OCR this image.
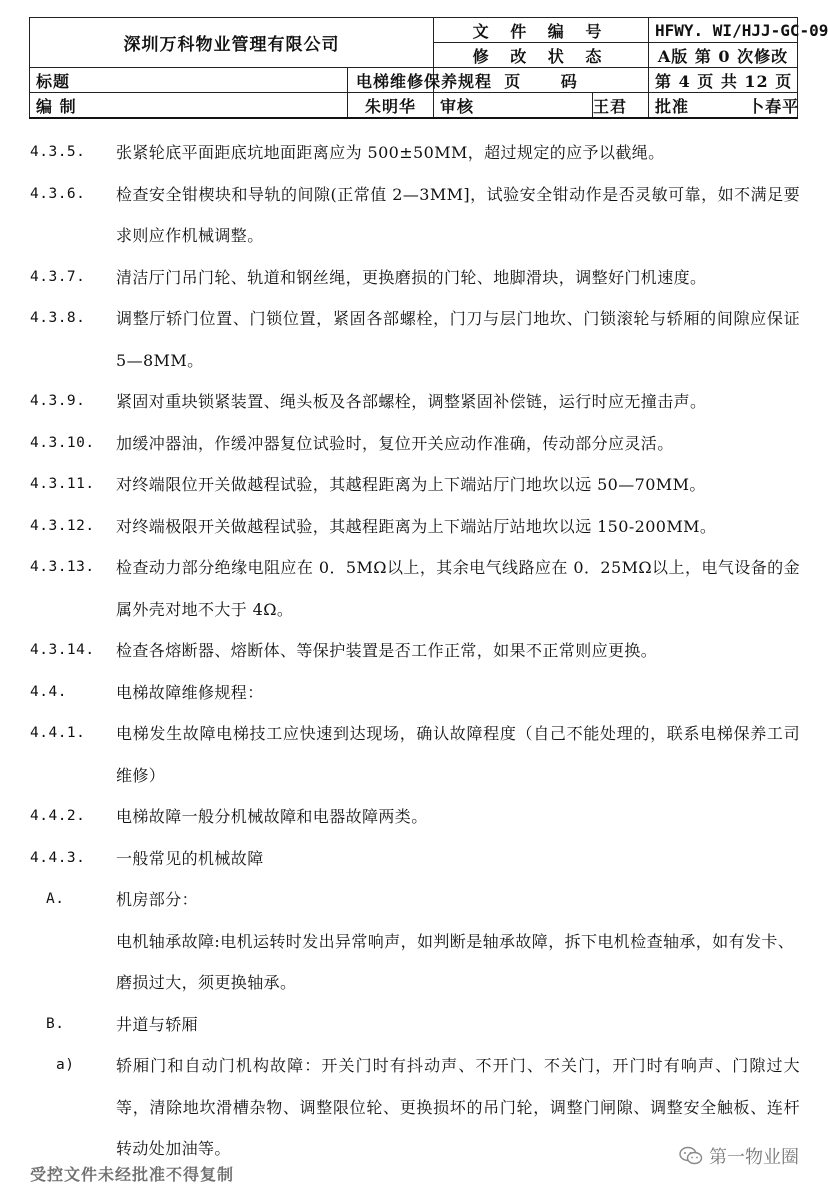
深圳万科物业管理有限公司		文 件 编 号		HFWY. WI/HJJ-GC-09
		修 改 状 态		A版 第 0 次修改
标题	电梯维修保养规程	页      码		第 4 页 共 12 页
编 制	朱明华	审核	王君	批准 卜春平
4.3.5.	张紧轮底平面距底坑地面距离应为 500±50MM，超过规定的应予以截绳。
4.3.6.	检查安全钳楔块和导轨的间隙(正常值 2—3MM]，试验安全钳动作是否灵敏可靠，如不满足要求则应作机械调整。
4.3.7.	清洁厅门吊门轮、轨道和钢丝绳，更换磨损的门轮、地脚滑块，调整好门机速度。
4.3.8.	调整厅轿门位置、门锁位置，紧固各部螺栓，门刀与层门地坎、门锁滚轮与轿厢的间隙应保证 5—8MM。
4.3.9.	紧固对重块锁紧装置、绳头板及各部螺栓，调整紧固补偿链，运行时应无撞击声。
4.3.10.	加缓冲器油，作缓冲器复位试验时，复位开关应动作准确，传动部分应灵活。
4.3.11.	对终端限位开关做越程试验，其越程距离为上下端站厅门地坎以远 50—70MM。
4.3.12.	对终端极限开关做越程试验，其越程距离为上下端站厅站地坎以远 150-200MM。
4.3.13.	检查动力部分绝缘电阻应在 0．5MΩ以上，其余电气线路应在 0．25MΩ以上，电气设备的金属外壳对地不大于 4Ω。
4.3.14.	检查各熔断器、熔断体、等保护装置是否工作正常，如果不正常则应更换。
4.4.	电梯故障维修规程：
4.4.1.	电梯发生故障电梯技工应快速到达现场，确认故障程度（自己不能处理的，联系电梯保养工司维修）
4.4.2.	电梯故障一般分机械故障和电器故障两类。
4.4.3.	一般常见的机械故障
A.	机房部分：
电机轴承故障:电机运转时发出异常响声，如判断是轴承故障，拆下电机检查轴承，如有发卡、磨损过大，须更换轴承。
B.	井道与轿厢
a)	轿厢门和自动门机构故障：开关门时有抖动声、不开门、不关门，开门时有响声、门隙过大等，清除地坎滑槽杂物、调整限位轮、更换损坏的吊门轮，调整门闸隙、调整安全触板、连杆转动处加油等。
受控文件未经批准不得复制
第一物业圈
